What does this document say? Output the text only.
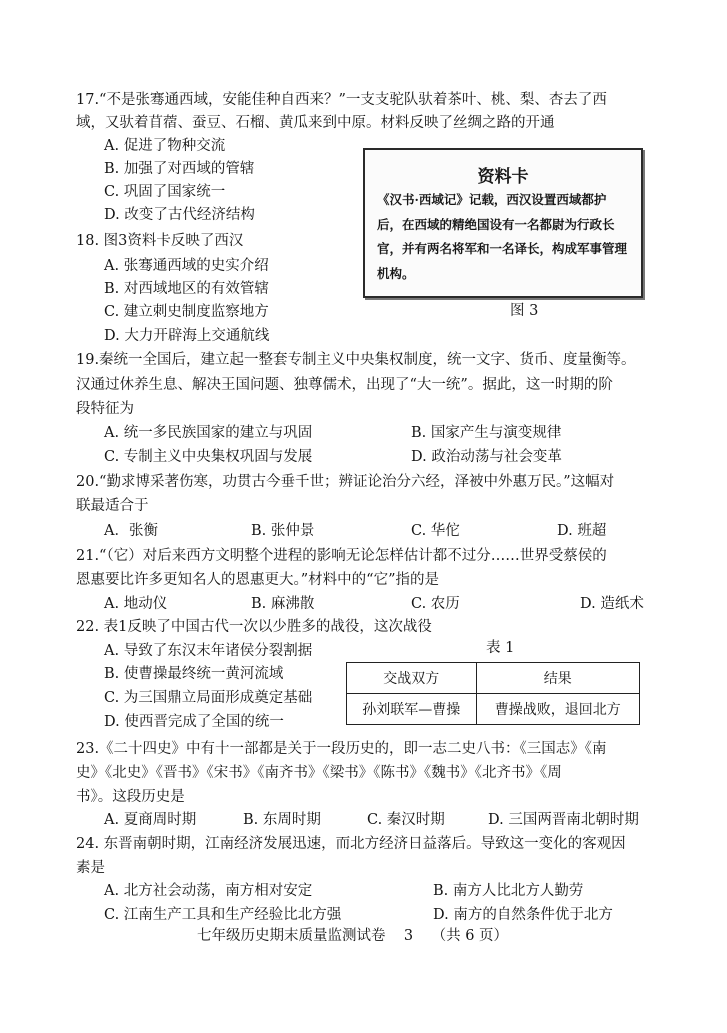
17.“不是张骞通西域，安能佳种自西来？”一支支驼队驮着茶叶、桃、梨、杏去了西
域，又驮着苜蓿、蚕豆、石榴、黄瓜来到中原。材料反映了丝绸之路的开通
A. 促进了物种交流
B. 加强了对西域的管辖
C. 巩固了国家统一
D. 改变了古代经济结构
18. 图3资料卡反映了西汉
A. 张骞通西域的史实介绍
B. 对西域地区的有效管辖
C. 建立刺史制度监察地方
D. 大力开辟海上交通航线
资料卡
《汉书·西域记》记载，西汉设置西域都护
后，在西域的精绝国设有一名都尉为行政长
官，并有两名将军和一名译长，构成军事管理
机构。
图 3
19.秦统一全国后，建立起一整套专制主义中央集权制度，统一文字、货币、度量衡等。
汉通过休养生息、解决王国问题、独尊儒术，出现了“大一统”。据此，这一时期的阶
段特征为
A. 统一多民族国家的建立与巩固	B. 国家产生与演变规律
C. 专制主义中央集权巩固与发展	D. 政治动荡与社会变革
20.“勤求博采著伤寒，功贯古今垂千世；辨证论治分六经，泽被中外惠万民。”这幅对
联最适合于
A．张衡	B. 张仲景	C. 华佗	D. 班超
21.“（它）对后来西方文明整个进程的影响无论怎样估计都不过分……世界受蔡侯的
恩惠要比许多更知名人的恩惠更大。”材料中的“它”指的是
A. 地动仪	B. 麻沸散	C. 农历	D. 造纸术
22. 表1反映了中国古代一次以少胜多的战役，这次战役
A. 导致了东汉末年诸侯分裂割据
B. 使曹操最终统一黄河流域
C. 为三国鼎立局面形成奠定基础
D. 使西晋完成了全国的统一
表 1
交战双方	结果
孙刘联军—曹操	曹操战败，退回北方
23.《二十四史》中有十一部都是关于一段历史的，即一志二史八书：《三国志》《南
史》《北史》《晋书》《宋书》《南齐书》《梁书》《陈书》《魏书》《北齐书》《周
书》。这段历史是
A. 夏商周时期	B. 东周时期	C. 秦汉时期	D. 三国两晋南北朝时期
24. 东晋南朝时期，江南经济发展迅速，而北方经济日益落后。导致这一变化的客观因
素是
A. 北方社会动荡，南方相对安定	B. 南方人比北方人勤劳
C. 江南生产工具和生产经验比北方强	D. 南方的自然条件优于北方
七年级历史期末质量监测试卷    3    （共 6 页）
